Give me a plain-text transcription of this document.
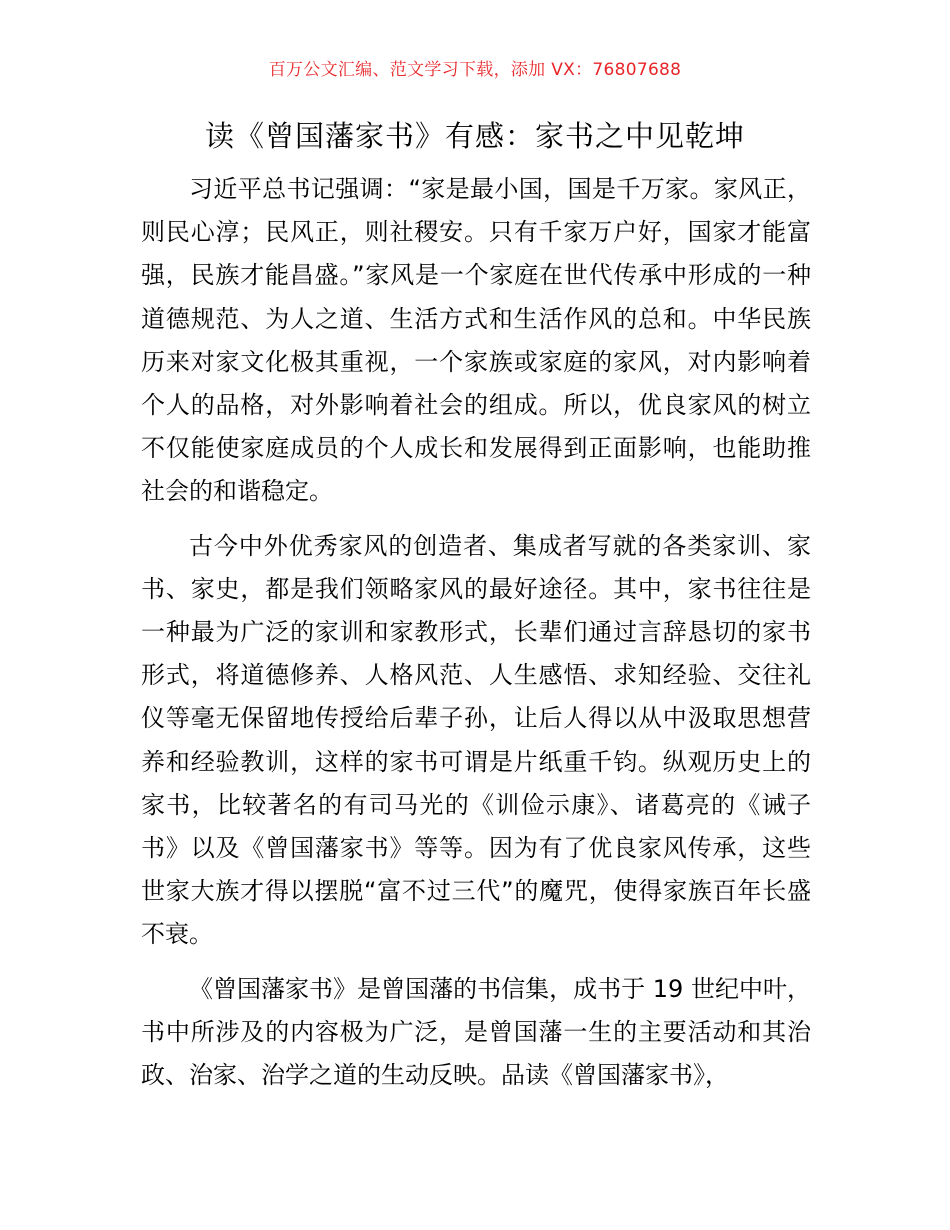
百万公文汇编、范文学习下载，添加 VX：76807688
读《曾国藩家书》有感：家书之中见乾坤

习近平总书记强调：“家是最小国，国是千万家。家风正，则民心淳；民风正，则社稷安。只有千家万户好，国家才能富强，民族才能昌盛。”家风是一个家庭在世代传承中形成的一种道德规范、为人之道、生活方式和生活作风的总和。中华民族历来对家文化极其重视，一个家族或家庭的家风，对内影响着个人的品格，对外影响着社会的组成。所以，优良家风的树立不仅能使家庭成员的个人成长和发展得到正面影响，也能助推社会的和谐稳定。

古今中外优秀家风的创造者、集成者写就的各类家训、家书、家史，都是我们领略家风的最好途径。其中，家书往往是一种最为广泛的家训和家教形式，长辈们通过言辞恳切的家书形式，将道德修养、人格风范、人生感悟、求知经验、交往礼仪等毫无保留地传授给后辈子孙，让后人得以从中汲取思想营养和经验教训，这样的家书可谓是片纸重千钧。纵观历史上的家书，比较著名的有司马光的《训俭示康》、诸葛亮的《诫子书》以及《曾国藩家书》等等。因为有了优良家风传承，这些世家大族才得以摆脱“富不过三代”的魔咒，使得家族百年长盛不衰。

《曾国藩家书》是曾国藩的书信集，成书于 19 世纪中叶，书中所涉及的内容极为广泛，是曾国藩一生的主要活动和其治政、治家、治学之道的生动反映。品读《曾国藩家书》，
